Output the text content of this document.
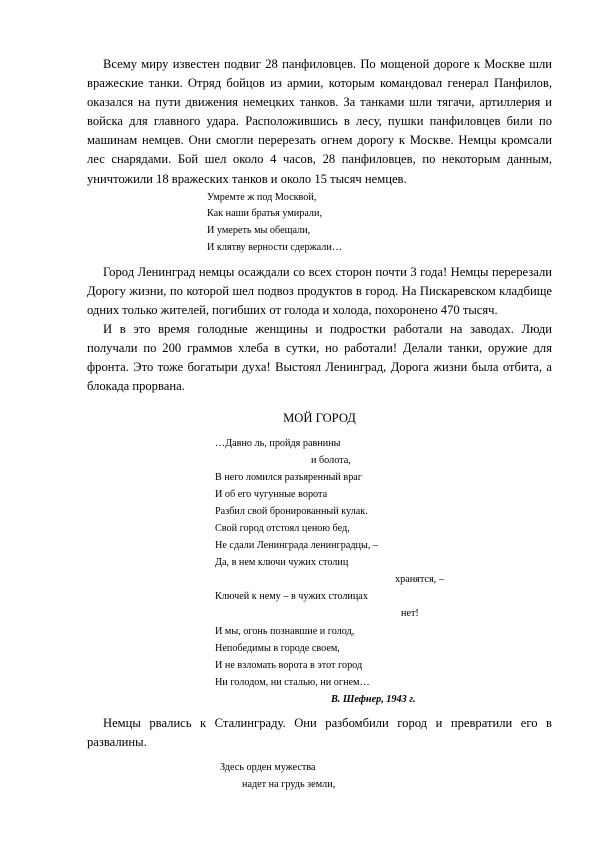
Всему миру известен подвиг 28 панфиловцев. По мощеной дороге к Москве шли вражеские танки. Отряд бойцов из армии, которым командовал генерал Панфилов, оказался на пути движения немецких танков. За танками шли тягачи, артиллерия и войска для главного удара. Расположившись в лесу, пушки панфиловцев били по машинам немцев. Они смогли перерезать огнем дорогу к Москве. Немцы кромсали лес снарядами. Бой шел около 4 часов, 28 панфиловцев, по некоторым данным, уничтожили 18 вражеских танков и около 15 тысяч немцев.

Умремте ж под Москвой,
Как наши братья умирали,
И умереть мы обещали,
И клятву верности сдержали…

Город Ленинград немцы осаждали со всех сторон почти 3 года! Немцы перерезали Дорогу жизни, по которой шел подвоз продуктов в город. На Пискаревском кладбище одних только жителей, погибших от голода и холода, похоронено 470 тысяч.

И в это время голодные женщины и подростки работали на заводах. Люди получали по 200 граммов хлеба в сутки, но работали! Делали танки, оружие для фронта. Это тоже богатыри духа! Выстоял Ленинград, Дорога жизни была отбита, а блокада прорвана.

МОЙ ГОРОД
…Давно ль, пройдя равнины
и болота,
В него ломился разъяренный враг
И об его чугунные ворота
Разбил свой бронированный кулак.
Свой город отстоял ценою бед,
Не сдали Ленинграда ленинградцы, –
Да, в нем ключи чужих столиц
хранятся, –
Ключей к нему – в чужих столицах
нет!
И мы, огонь познавшие и голод,
Непобедимы в городе своем,
И не взломать ворота в этот город
Ни голодом, ни сталью, ни огнем…
В. Шефнер, 1943 г.

Немцы рвались к Сталинграду. Они разбомбили город и превратили его в развалины.

Здесь орден мужества
надет на грудь земли,
